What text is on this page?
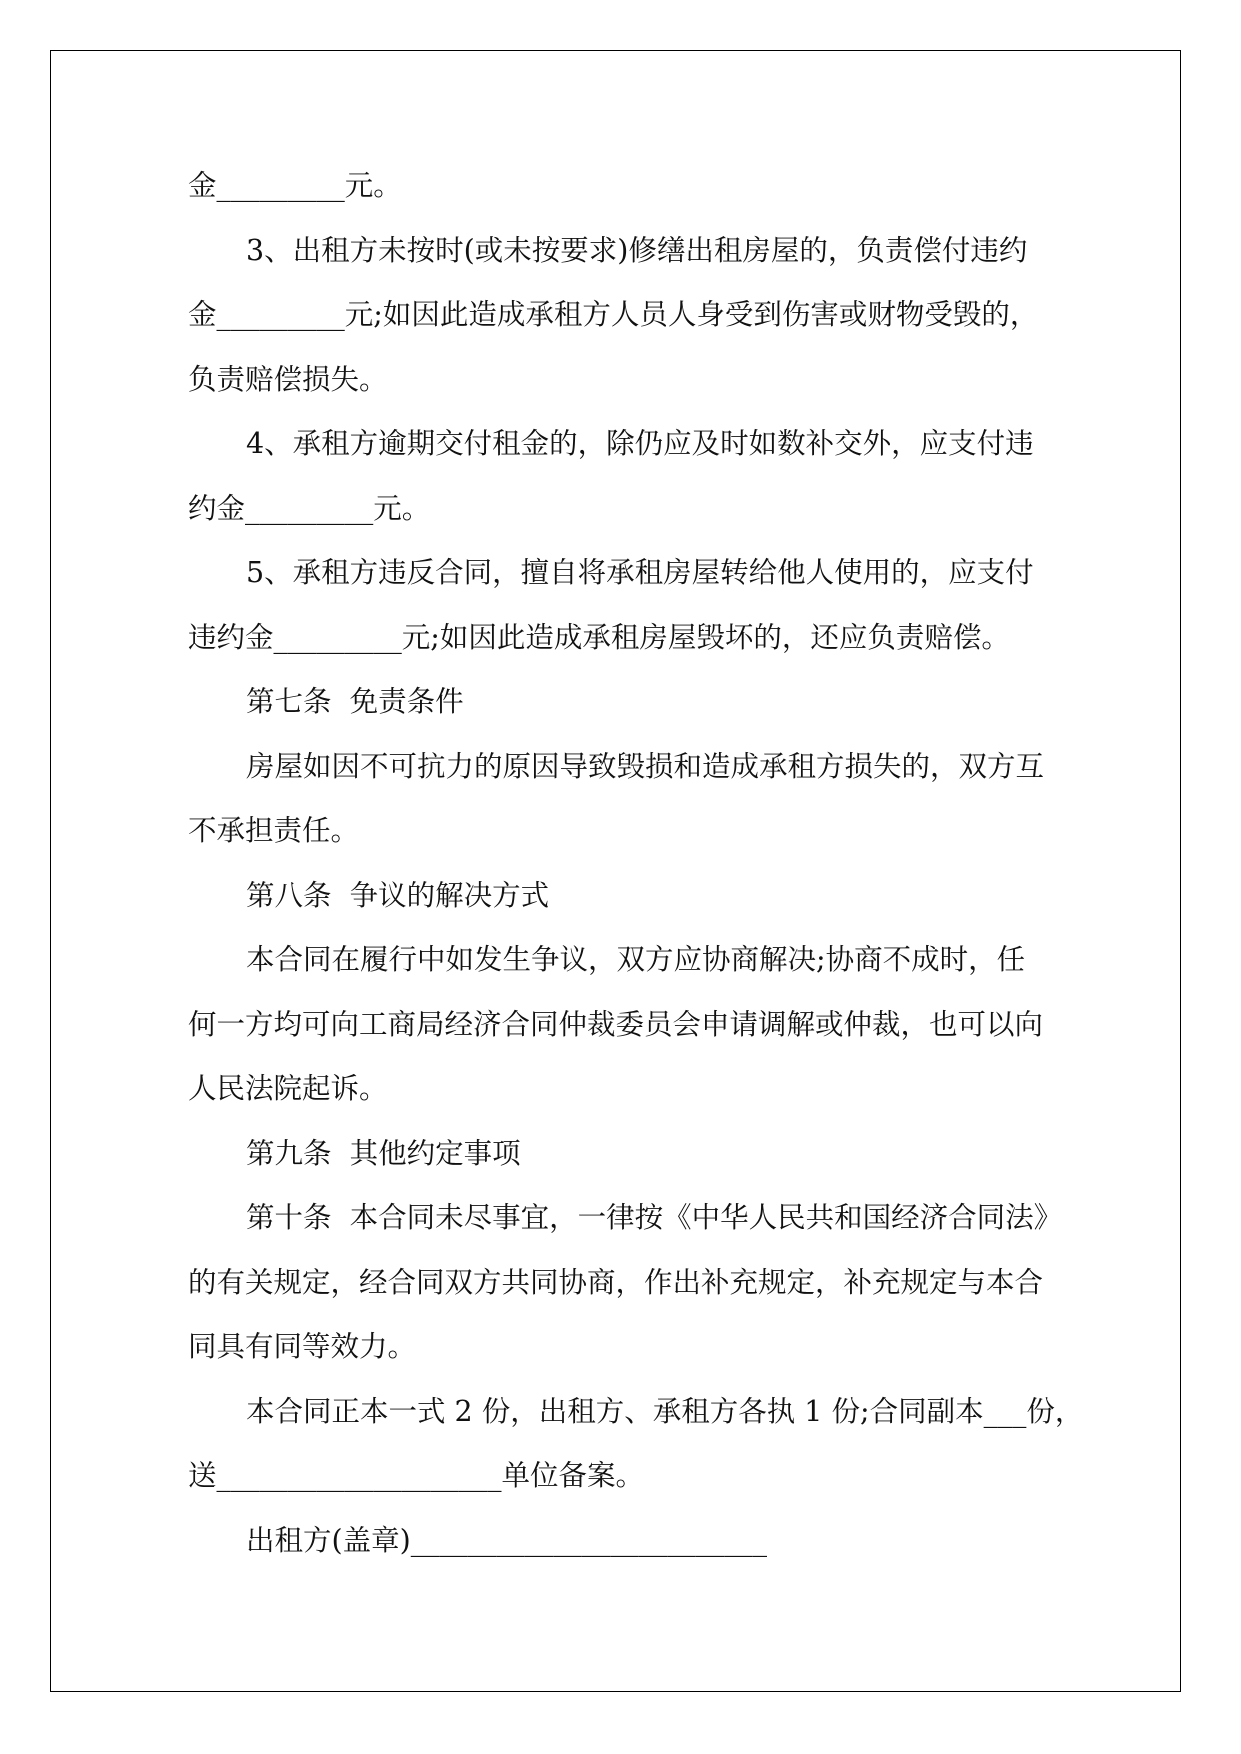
金_________元。
3、出租方未按时(或未按要求)修缮出租房屋的，负责偿付违约
金_________元;如因此造成承租方人员人身受到伤害或财物受毁的，
负责赔偿损失。
4、承租方逾期交付租金的，除仍应及时如数补交外，应支付违
约金_________元。
5、承租方违反合同，擅自将承租房屋转给他人使用的，应支付
违约金_________元;如因此造成承租房屋毁坏的，还应负责赔偿。
第七条  免责条件
房屋如因不可抗力的原因导致毁损和造成承租方损失的，双方互
不承担责任。
第八条  争议的解决方式
本合同在履行中如发生争议，双方应协商解决;协商不成时，任
何一方均可向工商局经济合同仲裁委员会申请调解或仲裁，也可以向
人民法院起诉。
第九条  其他约定事项
第十条  本合同未尽事宜，一律按《中华人民共和国经济合同法》
的有关规定，经合同双方共同协商，作出补充规定，补充规定与本合
同具有同等效力。
本合同正本一式 2 份，出租方、承租方各执 1 份;合同副本___份，
送____________________单位备案。
出租方(盖章)_________________________
